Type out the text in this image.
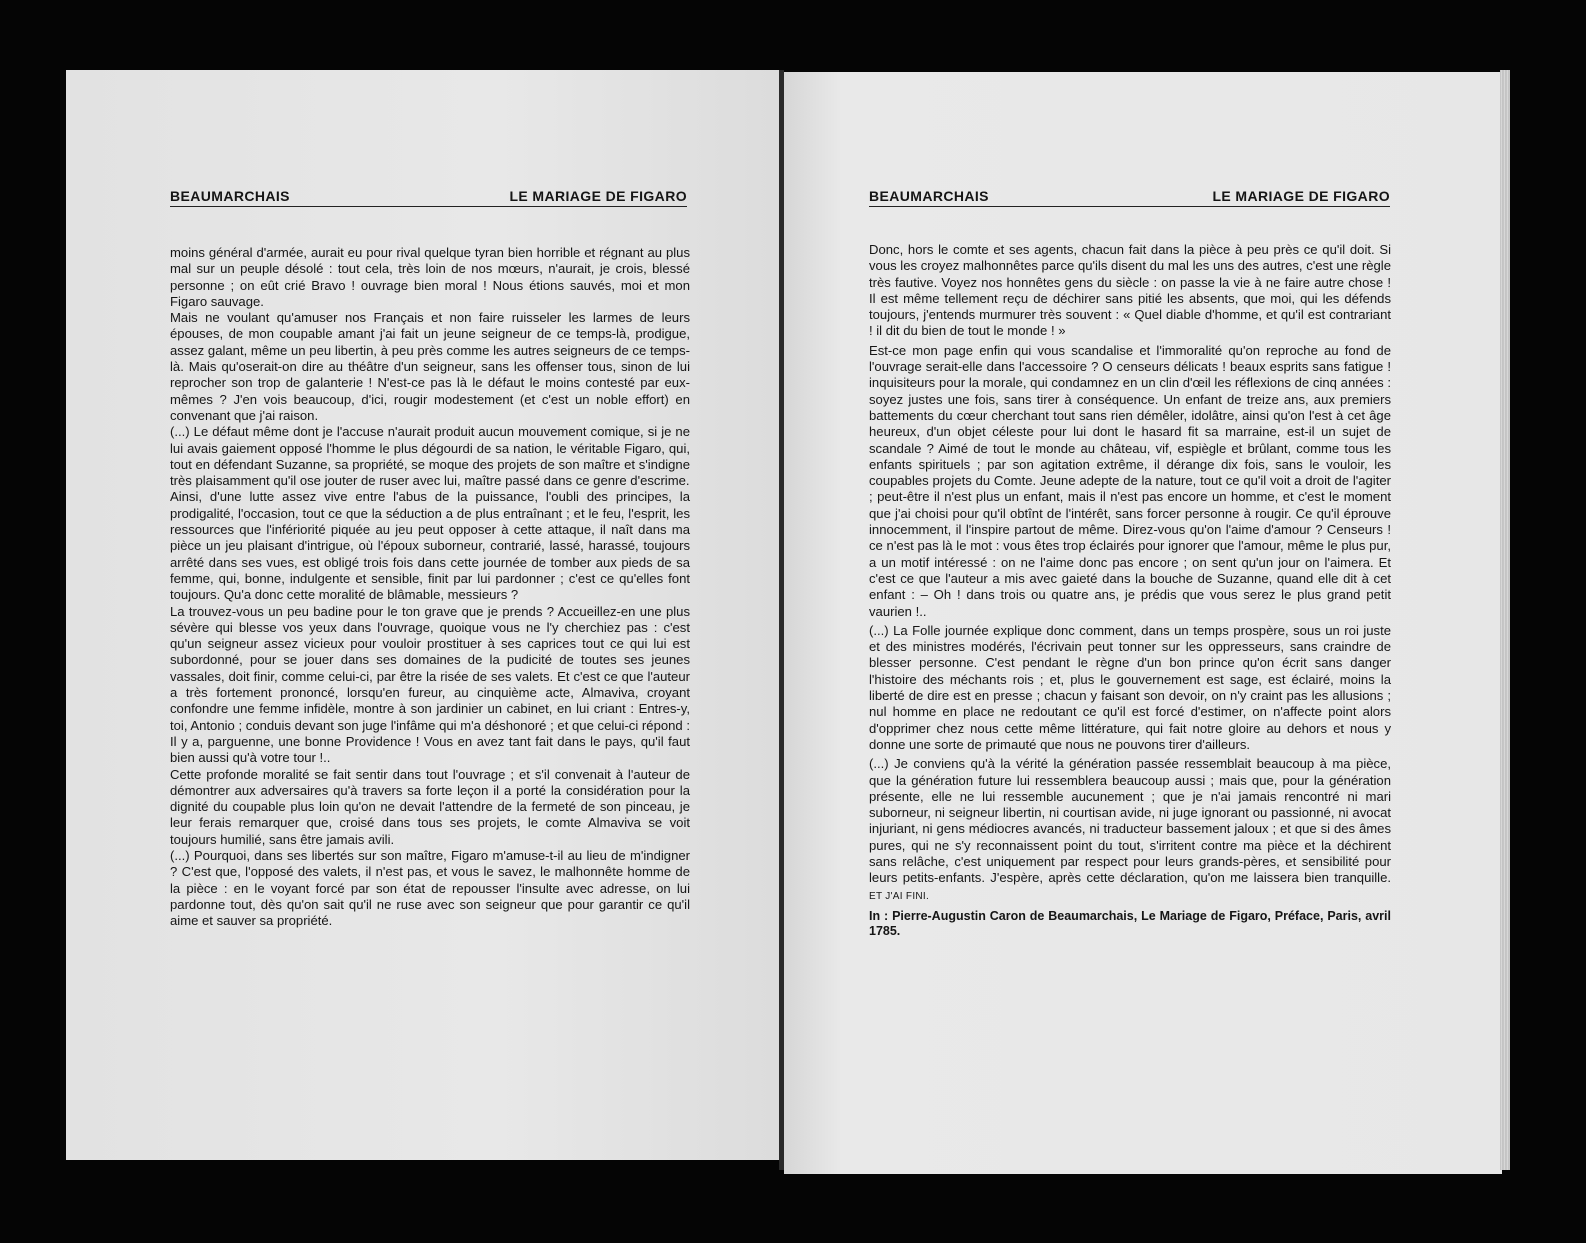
BEAUMARCHAIS	LE MARIAGE DE FIGARO

moins général d'armée, aurait eu pour rival quelque tyran bien horrible et régnant au plus mal sur un peuple désolé : tout cela, très loin de nos mœurs, n'aurait, je crois, blessé personne ; on eût crié Bravo ! ouvrage bien moral ! Nous étions sauvés, moi et mon Figaro sauvage.

Mais ne voulant qu'amuser nos Français et non faire ruisseler les larmes de leurs épouses, de mon coupable amant j'ai fait un jeune seigneur de ce temps-là, prodigue, assez galant, même un peu libertin, à peu près comme les autres seigneurs de ce temps-là. Mais qu'oserait-on dire au théâtre d'un seigneur, sans les offenser tous, sinon de lui reprocher son trop de galanterie ! N'est-ce pas là le défaut le moins contesté par eux-mêmes ? J'en vois beaucoup, d'ici, rougir modestement (et c'est un noble effort) en convenant que j'ai raison.

(...) Le défaut même dont je l'accuse n'aurait produit aucun mouvement comique, si je ne lui avais gaiement opposé l'homme le plus dégourdi de sa nation, le véritable Figaro, qui, tout en défendant Suzanne, sa propriété, se moque des projets de son maître et s'indigne très plaisamment qu'il ose jouter de ruser avec lui, maître passé dans ce genre d'escrime.

Ainsi, d'une lutte assez vive entre l'abus de la puissance, l'oubli des principes, la prodigalité, l'occasion, tout ce que la séduction a de plus entraînant ; et le feu, l'esprit, les ressources que l'infériorité piquée au jeu peut opposer à cette attaque, il naît dans ma pièce un jeu plaisant d'intrigue, où l'époux suborneur, contrarié, lassé, harassé, toujours arrêté dans ses vues, est obligé trois fois dans cette journée de tomber aux pieds de sa femme, qui, bonne, indulgente et sensible, finit par lui pardonner ; c'est ce qu'elles font toujours. Qu'a donc cette moralité de blâmable, messieurs ?

La trouvez-vous un peu badine pour le ton grave que je prends ? Accueillez-en une plus sévère qui blesse vos yeux dans l'ouvrage, quoique vous ne l'y cherchiez pas : c'est qu'un seigneur assez vicieux pour vouloir prostituer à ses caprices tout ce qui lui est subordonné, pour se jouer dans ses domaines de la pudicité de toutes ses jeunes vassales, doit finir, comme celui-ci, par être la risée de ses valets. Et c'est ce que l'auteur a très fortement prononcé, lorsqu'en fureur, au cinquième acte, Almaviva, croyant confondre une femme infidèle, montre à son jardinier un cabinet, en lui criant : Entres-y, toi, Antonio ; conduis devant son juge l'infâme qui m'a déshonoré ; et que celui-ci répond : Il y a, parguenne, une bonne Providence ! Vous en avez tant fait dans le pays, qu'il faut bien aussi qu'à votre tour !..

Cette profonde moralité se fait sentir dans tout l'ouvrage ; et s'il convenait à l'auteur de démontrer aux adversaires qu'à travers sa forte leçon il a porté la considération pour la dignité du coupable plus loin qu'on ne devait l'attendre de la fermeté de son pinceau, je leur ferais remarquer que, croisé dans tous ses projets, le comte Almaviva se voit toujours humilié, sans être jamais avili.

(...) Pourquoi, dans ses libertés sur son maître, Figaro m'amuse-t-il au lieu de m'indigner ? C'est que, l'opposé des valets, il n'est pas, et vous le savez, le malhonnête homme de la pièce : en le voyant forcé par son état de repousser l'insulte avec adresse, on lui pardonne tout, dès qu'on sait qu'il ne ruse avec son seigneur que pour garantir ce qu'il aime et sauver sa propriété.

BEAUMARCHAIS	LE MARIAGE DE FIGARO

Donc, hors le comte et ses agents, chacun fait dans la pièce à peu près ce qu'il doit. Si vous les croyez malhonnêtes parce qu'ils disent du mal les uns des autres, c'est une règle très fautive. Voyez nos honnêtes gens du siècle : on passe la vie à ne faire autre chose ! Il est même tellement reçu de déchirer sans pitié les absents, que moi, qui les défends toujours, j'entends murmurer très souvent : « Quel diable d'homme, et qu'il est contrariant ! il dit du bien de tout le monde ! »

Est-ce mon page enfin qui vous scandalise et l'immoralité qu'on reproche au fond de l'ouvrage serait-elle dans l'accessoire ? O censeurs délicats ! beaux esprits sans fatigue ! inquisiteurs pour la morale, qui condamnez en un clin d'œil les réflexions de cinq années : soyez justes une fois, sans tirer à conséquence. Un enfant de treize ans, aux premiers battements du cœur cherchant tout sans rien démêler, idolâtre, ainsi qu'on l'est à cet âge heureux, d'un objet céleste pour lui dont le hasard fit sa marraine, est-il un sujet de scandale ? Aimé de tout le monde au château, vif, espiègle et brûlant, comme tous les enfants spirituels ; par son agitation extrême, il dérange dix fois, sans le vouloir, les coupables projets du Comte. Jeune adepte de la nature, tout ce qu'il voit a droit de l'agiter ; peut-être il n'est plus un enfant, mais il n'est pas encore un homme, et c'est le moment que j'ai choisi pour qu'il obtînt de l'intérêt, sans forcer personne à rougir. Ce qu'il éprouve innocemment, il l'inspire partout de même. Direz-vous qu'on l'aime d'amour ? Censeurs ! ce n'est pas là le mot : vous êtes trop éclairés pour ignorer que l'amour, même le plus pur, a un motif intéressé : on ne l'aime donc pas encore ; on sent qu'un jour on l'aimera. Et c'est ce que l'auteur a mis avec gaieté dans la bouche de Suzanne, quand elle dit à cet enfant : – Oh ! dans trois ou quatre ans, je prédis que vous serez le plus grand petit vaurien !..

(...) La Folle journée explique donc comment, dans un temps prospère, sous un roi juste et des ministres modérés, l'écrivain peut tonner sur les oppresseurs, sans craindre de blesser personne. C'est pendant le règne d'un bon prince qu'on écrit sans danger l'histoire des méchants rois ; et, plus le gouvernement est sage, est éclairé, moins la liberté de dire est en presse ; chacun y faisant son devoir, on n'y craint pas les allusions ; nul homme en place ne redoutant ce qu'il est forcé d'estimer, on n'affecte point alors d'opprimer chez nous cette même littérature, qui fait notre gloire au dehors et nous y donne une sorte de primauté que nous ne pouvons tirer d'ailleurs.

(...) Je conviens qu'à la vérité la génération passée ressemblait beaucoup à ma pièce, que la génération future lui ressemblera beaucoup aussi ; mais que, pour la génération présente, elle ne lui ressemble aucunement ; que je n'ai jamais rencontré ni mari suborneur, ni seigneur libertin, ni courtisan avide, ni juge ignorant ou passionné, ni avocat injuriant, ni gens médiocres avancés, ni traducteur bassement jaloux ; et que si des âmes pures, qui ne s'y reconnaissent point du tout, s'irritent contre ma pièce et la déchirent sans relâche, c'est uniquement par respect pour leurs grands-pères, et sensibilité pour leurs petits-enfants. J'espère, après cette déclaration, qu'on me laissera bien tranquille. ET J'AI FINI.

In : Pierre-Augustin Caron de Beaumarchais, Le Mariage de Figaro, Préface, Paris, avril 1785.
